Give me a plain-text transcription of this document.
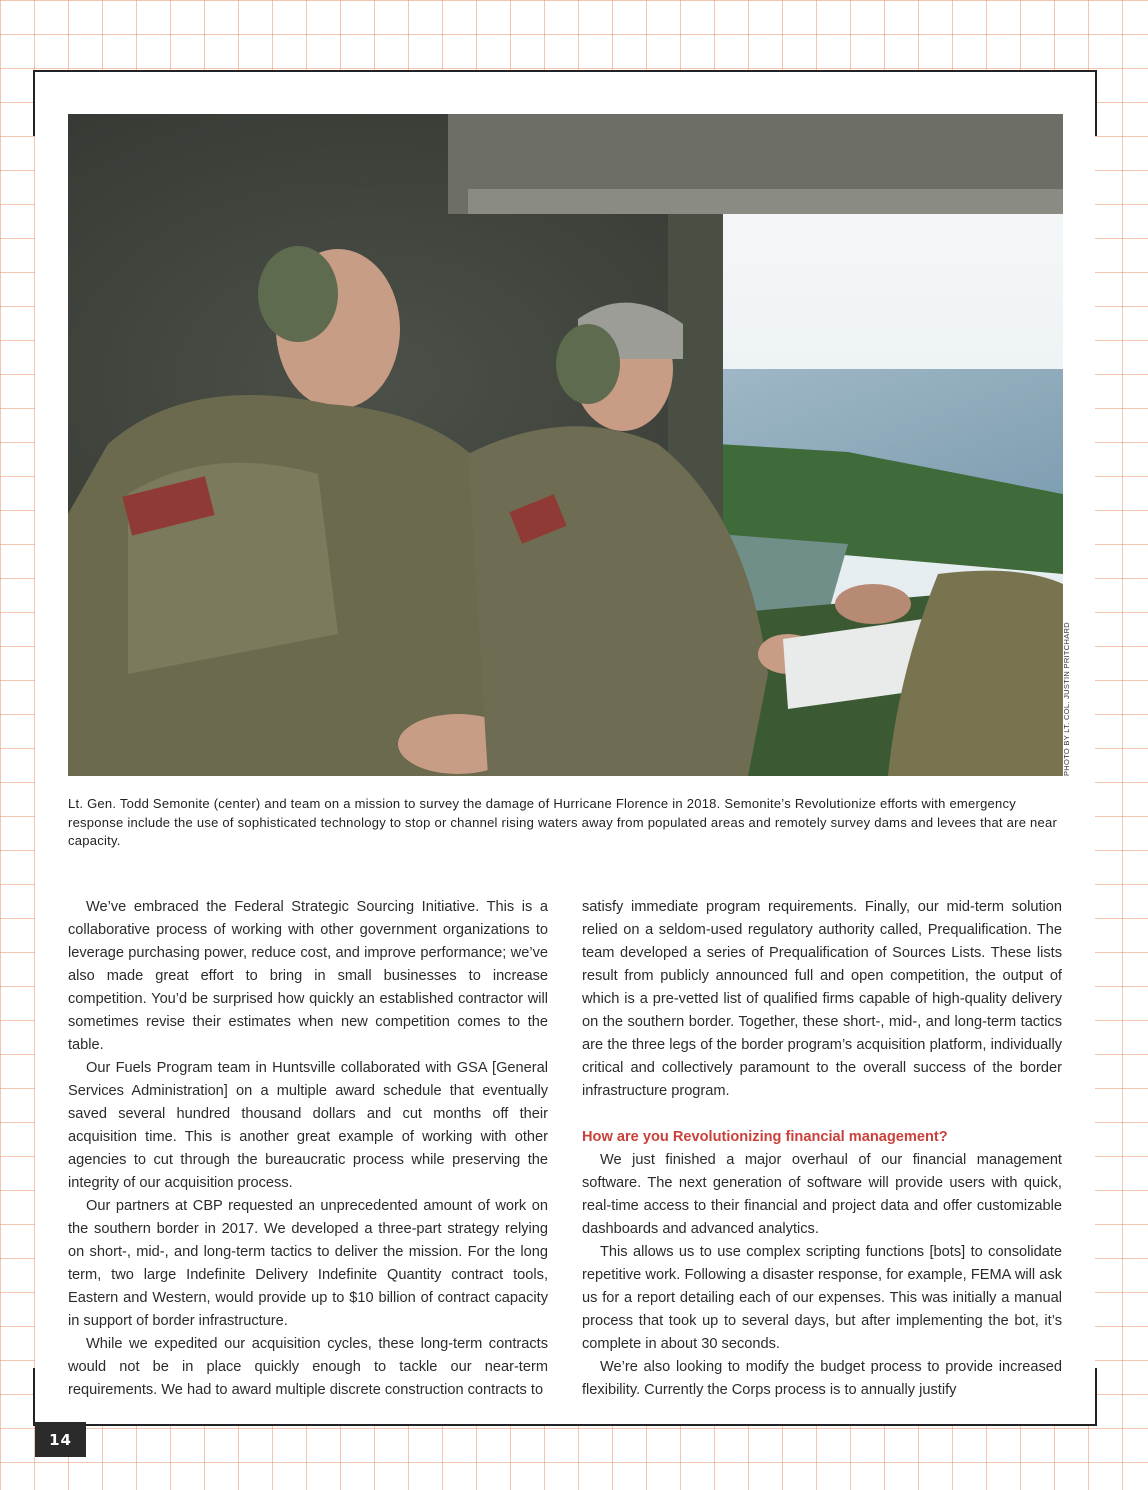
PHOTO BY LT. COL. JUSTIN PRITCHARD
Lt. Gen. Todd Semonite (center) and team on a mission to survey the damage of Hurricane Florence in 2018. Semonite’s Revolutionize efforts with emergency response include the use of sophisticated technology to stop or channel rising waters away from populated areas and remotely survey dams and levees that are near capacity.

We’ve embraced the Federal Strategic Sourcing Initiative. This is a collaborative process of working with other government organizations to leverage purchasing power, reduce cost, and improve performance; we’ve also made great effort to bring in small businesses to increase competition. You’d be surprised how quickly an established contractor will sometimes revise their estimates when new competition comes to the table.

Our Fuels Program team in Huntsville collaborated with GSA [General Services Administration] on a multiple award schedule that eventually saved several hundred thousand dollars and cut months off their acquisition time. This is another great example of working with other agencies to cut through the bureaucratic process while preserving the integrity of our acquisition process.

Our partners at CBP requested an unprecedented amount of work on the southern border in 2017. We developed a three-part strategy relying on short-, mid-, and long-term tactics to deliver the mission. For the long term, two large Indefinite Delivery Indefinite Quantity contract tools, Eastern and Western, would provide up to $10 billion of contract capacity in support of border infrastructure.

While we expedited our acquisition cycles, these long-term contracts would not be in place quickly enough to tackle our near-term requirements. We had to award multiple discrete construction contracts to

satisfy immediate program requirements. Finally, our mid-term solution relied on a seldom-used regulatory authority called, Prequalification. The team developed a series of Prequalification of Sources Lists. These lists result from publicly announced full and open competition, the output of which is a pre-vetted list of qualified firms capable of high-quality delivery on the southern border. Together, these short-, mid-, and long-term tactics are the three legs of the border program’s acquisition platform, individually critical and collectively paramount to the overall success of the border infrastructure program.

How are you Revolutionizing financial management?

We just finished a major overhaul of our financial management software. The next generation of software will provide users with quick, real-time access to their financial and project data and offer customizable dashboards and advanced analytics.

This allows us to use complex scripting functions [bots] to consolidate repetitive work. Following a disaster response, for example, FEMA will ask us for a report detailing each of our expenses. This was initially a manual process that took up to several days, but after implementing the bot, it’s complete in about 30 seconds.

We’re also looking to modify the budget process to provide increased flexibility. Currently the Corps process is to annually justify

14
